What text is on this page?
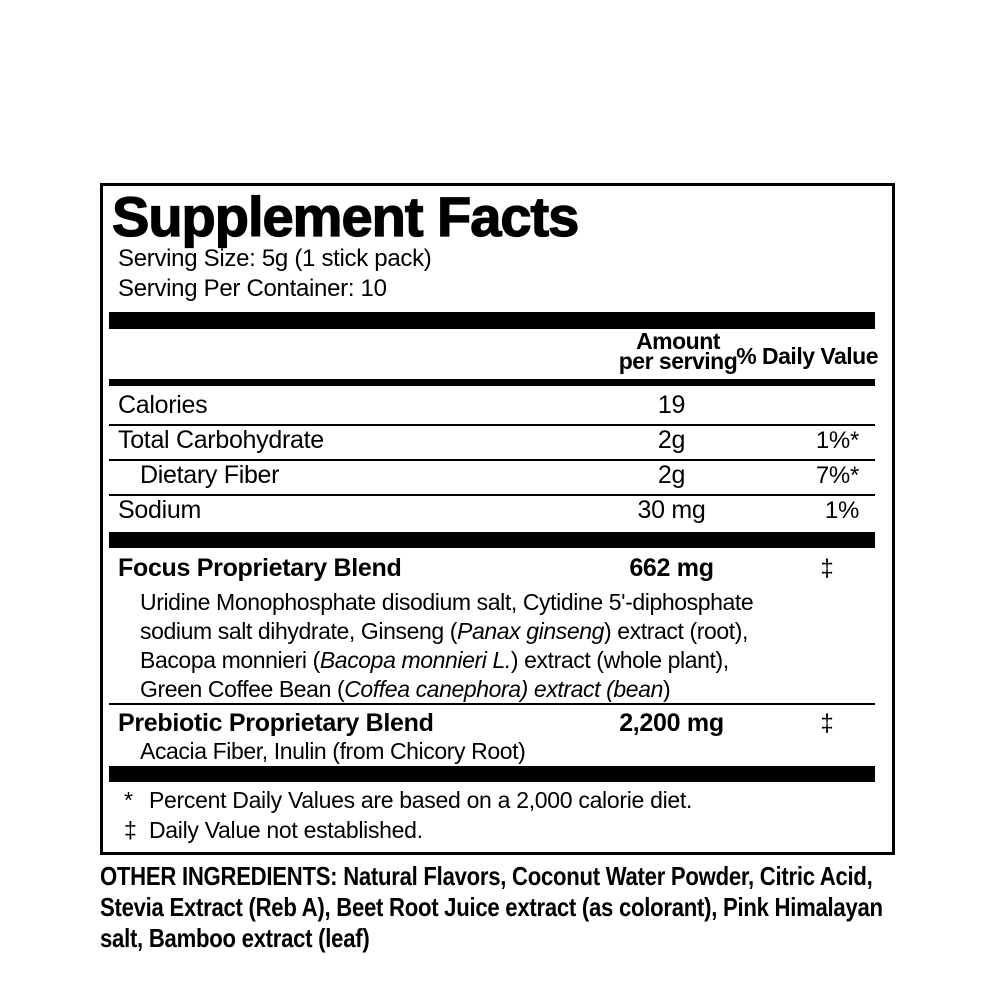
Supplement Facts
Serving Size: 5g (1 stick pack)
Serving Per Container: 10
Amount
per serving
% Daily Value
Calories	19
Total Carbohydrate	2g	1%*
Dietary Fiber	2g	7%*
Sodium	30 mg	1%
Focus Proprietary Blend	662 mg	‡
Uridine Monophosphate disodium salt, Cytidine 5'-diphosphate
sodium salt dihydrate, Ginseng (Panax ginseng) extract (root),
Bacopa monnieri (Bacopa monnieri L.) extract (whole plant),
Green Coffee Bean (Coffea canephora) extract (bean)
Prebiotic Proprietary Blend	2,200 mg	‡
Acacia Fiber, Inulin (from Chicory Root)
* Percent Daily Values are based on a 2,000 calorie diet.
‡ Daily Value not established.
OTHER INGREDIENTS: Natural Flavors, Coconut Water Powder, Citric Acid, Stevia Extract (Reb A), Beet Root Juice extract (as colorant), Pink Himalayan salt, Bamboo extract (leaf)
